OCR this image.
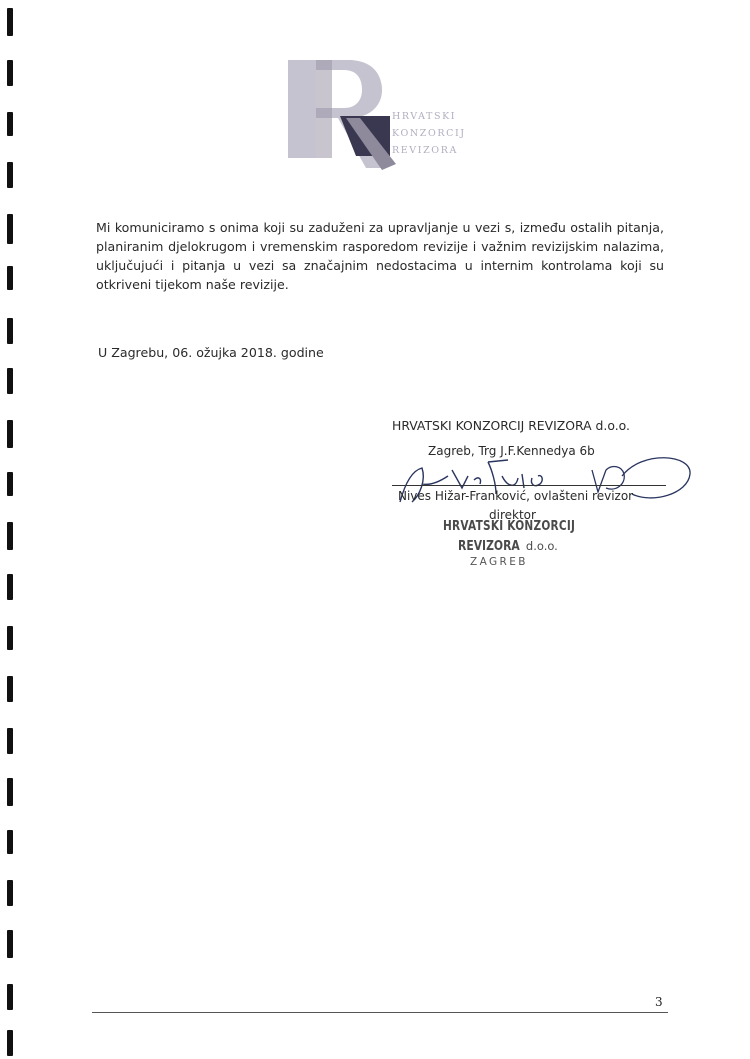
HRVATSKI
KONZORCIJ
REVIZORA

Mi komuniciramo s onima koji su zaduženi za upravljanje u vezi s, između ostalih pitanja, planiranim djelokrugom i vremenskim rasporedom revizije i važnim revizijskim nalazima, uključujući i pitanja u vezi sa značajnim nedostacima u internim kontrolama koji su otkriveni tijekom naše revizije.

U Zagrebu, 06. ožujka 2018. godine

HRVATSKI KONZORCIJ REVIZORA d.o.o.
Zagreb, Trg J.F.Kennedya 6b
Nives Hižar-Franković, ovlašteni revizor
HRVATSKI KONZORCIJ
direktor
REVIZORA d.o.o.
ZAGREB
3
